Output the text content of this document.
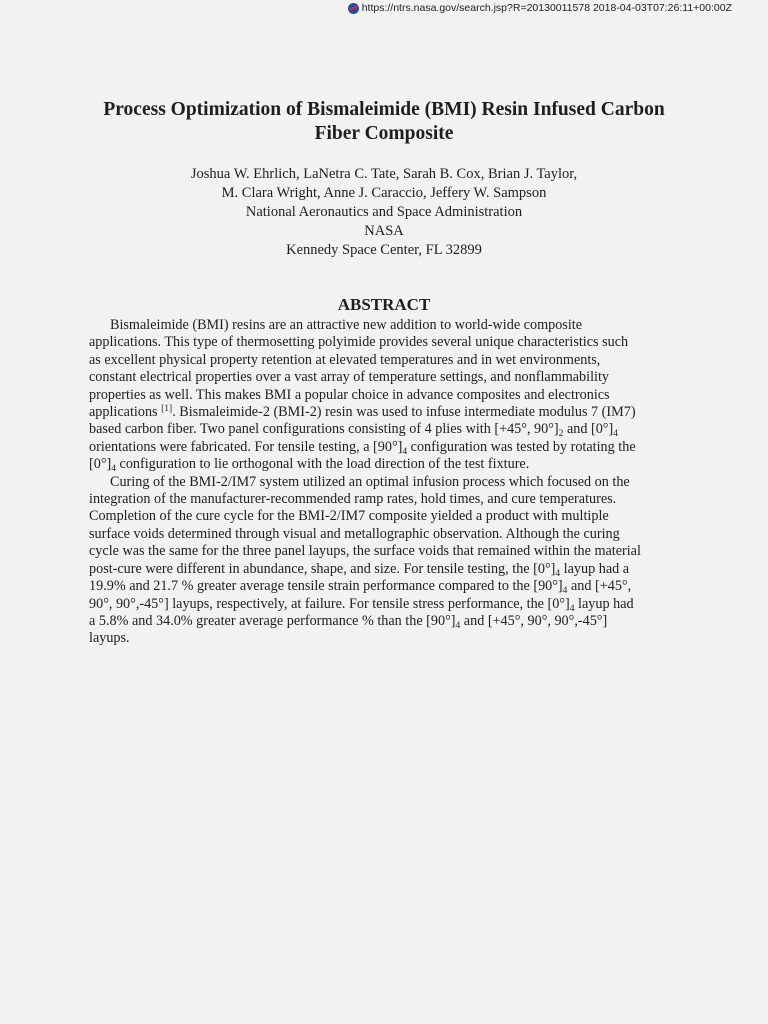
https://ntrs.nasa.gov/search.jsp?R=20130011578 2018-04-03T07:26:11+00:00Z
Process Optimization of Bismaleimide (BMI) Resin Infused Carbon
Fiber Composite
Joshua W. Ehrlich, LaNetra C. Tate, Sarah B. Cox, Brian J. Taylor,
M. Clara Wright, Anne J. Caraccio, Jeffery W. Sampson
National Aeronautics and Space Administration
NASA
Kennedy Space Center, FL 32899
ABSTRACT
Bismaleimide (BMI) resins are an attractive new addition to world-wide composite
applications. This type of thermosetting polyimide provides several unique characteristics such
as excellent physical property retention at elevated temperatures and in wet environments,
constant electrical properties over a vast array of temperature settings, and nonflammability
properties as well. This makes BMI a popular choice in advance composites and electronics
applications [1]. Bismaleimide-2 (BMI-2) resin was used to infuse intermediate modulus 7 (IM7)
based carbon fiber. Two panel configurations consisting of 4 plies with [+45°, $90^\circ]_2$ and $[0^\circ]_4$
orientations were fabricated. For tensile testing, a $[90^\circ]_4$ configuration was tested by rotating the
$[0^\circ]_4$ configuration to lie orthogonal with the load direction of the test fixture.
Curing of the BMI-2/IM7 system utilized an optimal infusion process which focused on the
integration of the manufacturer-recommended ramp rates, hold times, and cure temperatures.
Completion of the cure cycle for the BMI-2/IM7 composite yielded a product with multiple
surface voids determined through visual and metallographic observation. Although the curing
cycle was the same for the three panel layups, the surface voids that remained within the material
post-cure were different in abundance, shape, and size. For tensile testing, the $[0^\circ]_4$ layup had a
19.9% and 21.7 % greater average tensile strain performance compared to the $[90^\circ]_4$ and [+45°,
90°, 90°,-45°] layups, respectively, at failure. For tensile stress performance, the $[0^\circ]_4$ layup had
a 5.8% and 34.0% greater average performance % than the $[90^\circ]_4$ and [+45°, 90°, 90°,-45°]
layups.
